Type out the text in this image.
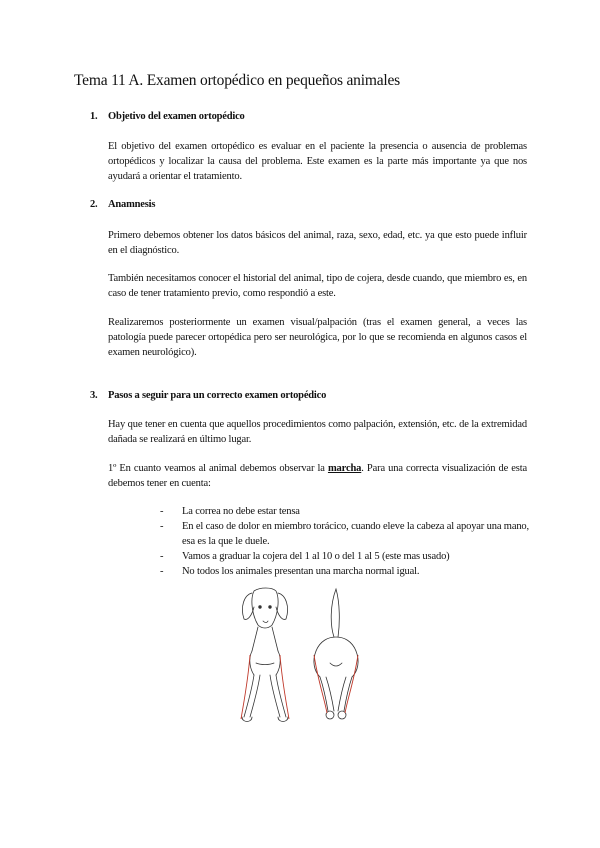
Tema 11 A. Examen ortopédico en pequeños animales
1. Objetivo del examen ortopédico

El objetivo del examen ortopédico es evaluar en el paciente la presencia o ausencia de problemas ortopédicos y localizar la causa del problema. Este examen es la parte más importante ya que nos ayudará a orientar el tratamiento.

2. Anamnesis

Primero debemos obtener los datos básicos del animal, raza, sexo, edad, etc. ya que esto puede influir en el diagnóstico.

También necesitamos conocer el historial del animal, tipo de cojera, desde cuando, que miembro es, en caso de tener tratamiento previo, como respondió a este.

Realizaremos posteriormente un examen visual/palpación (tras el examen general, a veces las patología puede parecer ortopédica pero ser neurológica, por lo que se recomienda en algunos casos el examen neurológico).

3. Pasos a seguir para un correcto examen ortopédico

Hay que tener en cuenta que aquellos procedimientos como palpación, extensión, etc. de la extremidad dañada se realizará en último lugar.

1º En cuanto veamos al animal debemos observar la marcha. Para una correcta visualización de esta debemos tener en cuenta:

- La correa no debe estar tensa
- En el caso de dolor en miembro torácico, cuando eleve la cabeza al apoyar una mano, esa es la que le duele.
- Vamos a graduar la cojera del 1 al 10 o del 1 al 5 (este mas usado)
- No todos los animales presentan una marcha normal igual.
